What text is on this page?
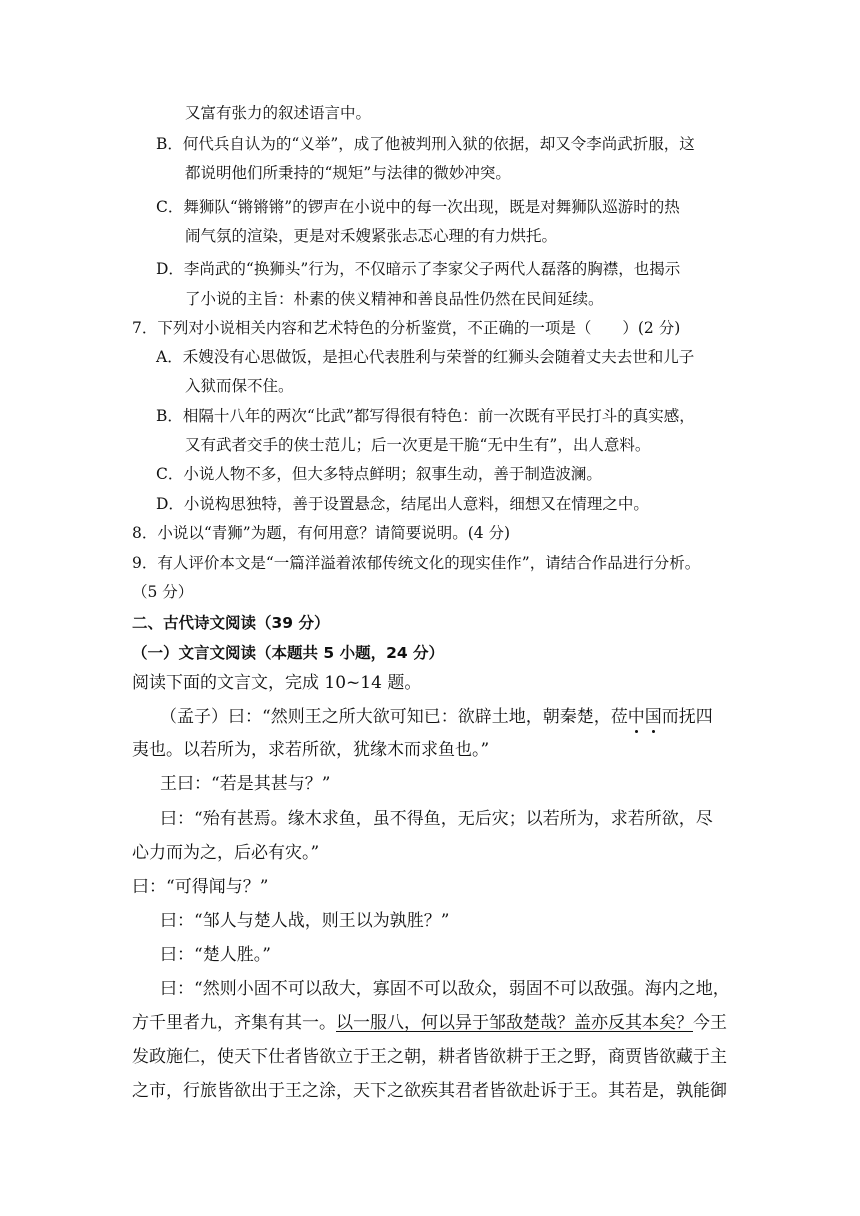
又富有张力的叙述语言中。
B．何代兵自认为的“义举”，成了他被判刑入狱的依据，却又令李尚武折服，这
都说明他们所秉持的“规矩”与法律的微妙冲突。
C．舞狮队“锵锵锵”的锣声在小说中的每一次出现，既是对舞狮队巡游时的热
闹气氛的渲染，更是对禾嫂紧张忐忑心理的有力烘托。
D．李尚武的“换狮头”行为，不仅暗示了李家父子两代人磊落的胸襟，也揭示
了小说的主旨：朴素的侠义精神和善良品性仍然在民间延续。
7．下列对小说相关内容和艺术特色的分析鉴赏，不正确的一项是（　　）(2 分)
A．禾嫂没有心思做饭，是担心代表胜利与荣誉的红狮头会随着丈夫去世和儿子
入狱而保不住。
B．相隔十八年的两次“比武”都写得很有特色：前一次既有平民打斗的真实感，
又有武者交手的侠士范儿；后一次更是干脆“无中生有”，出人意料。
C．小说人物不多，但大多特点鲜明；叙事生动，善于制造波澜。
D．小说构思独特，善于设置悬念，结尾出人意料，细想又在情理之中。
8．小说以“青狮”为题，有何用意？请简要说明。(4 分)
9．有人评价本文是“一篇洋溢着浓郁传统文化的现实佳作”，请结合作品进行分析。
（5 分）
二、古代诗文阅读（39 分）
（一）文言文阅读（本题共 5 小题，24 分）
阅读下面的文言文，完成 10~14 题。
（孟子）曰：“然则王之所大欲可知已：欲辟土地，朝秦楚，莅中国而抚四
夷也。以若所为，求若所欲，犹缘木而求鱼也。”
王曰：“若是其甚与？”
曰：“殆有甚焉。缘木求鱼，虽不得鱼，无后灾；以若所为，求若所欲，尽
心力而为之，后必有灾。”
曰：“可得闻与？”
曰：“邹人与楚人战，则王以为孰胜？”
曰：“楚人胜。”
曰：“然则小固不可以敌大，寡固不可以敌众，弱固不可以敌强。海内之地，
方千里者九，齐集有其一。以一服八，何以异于邹敌楚哉？盖亦反其本矣？今王
发政施仁，使天下仕者皆欲立于王之朝，耕者皆欲耕于王之野，商贾皆欲藏于主
之市，行旅皆欲出于王之涂，天下之欲疾其君者皆欲赴诉于王。其若是，孰能御
